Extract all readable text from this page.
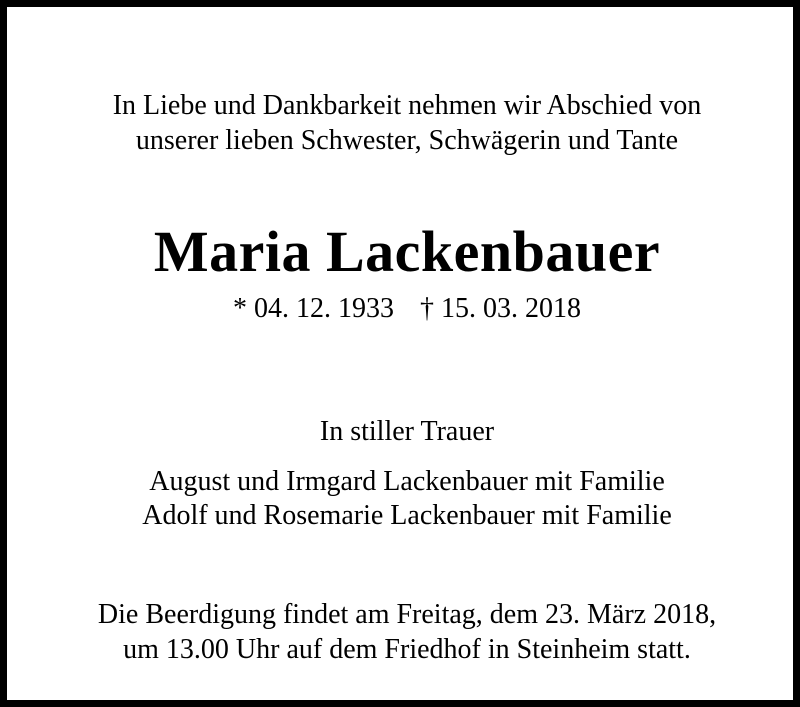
In Liebe und Dankbarkeit nehmen wir Abschied von
unserer lieben Schwester, Schwägerin und Tante
Maria Lackenbauer
* 04. 12. 1933 † 15. 03. 2018
In stiller Trauer
August und Irmgard Lackenbauer mit Familie
Adolf und Rosemarie Lackenbauer mit Familie
Die Beerdigung findet am Freitag, dem 23. März 2018,
um 13.00 Uhr auf dem Friedhof in Steinheim statt.
